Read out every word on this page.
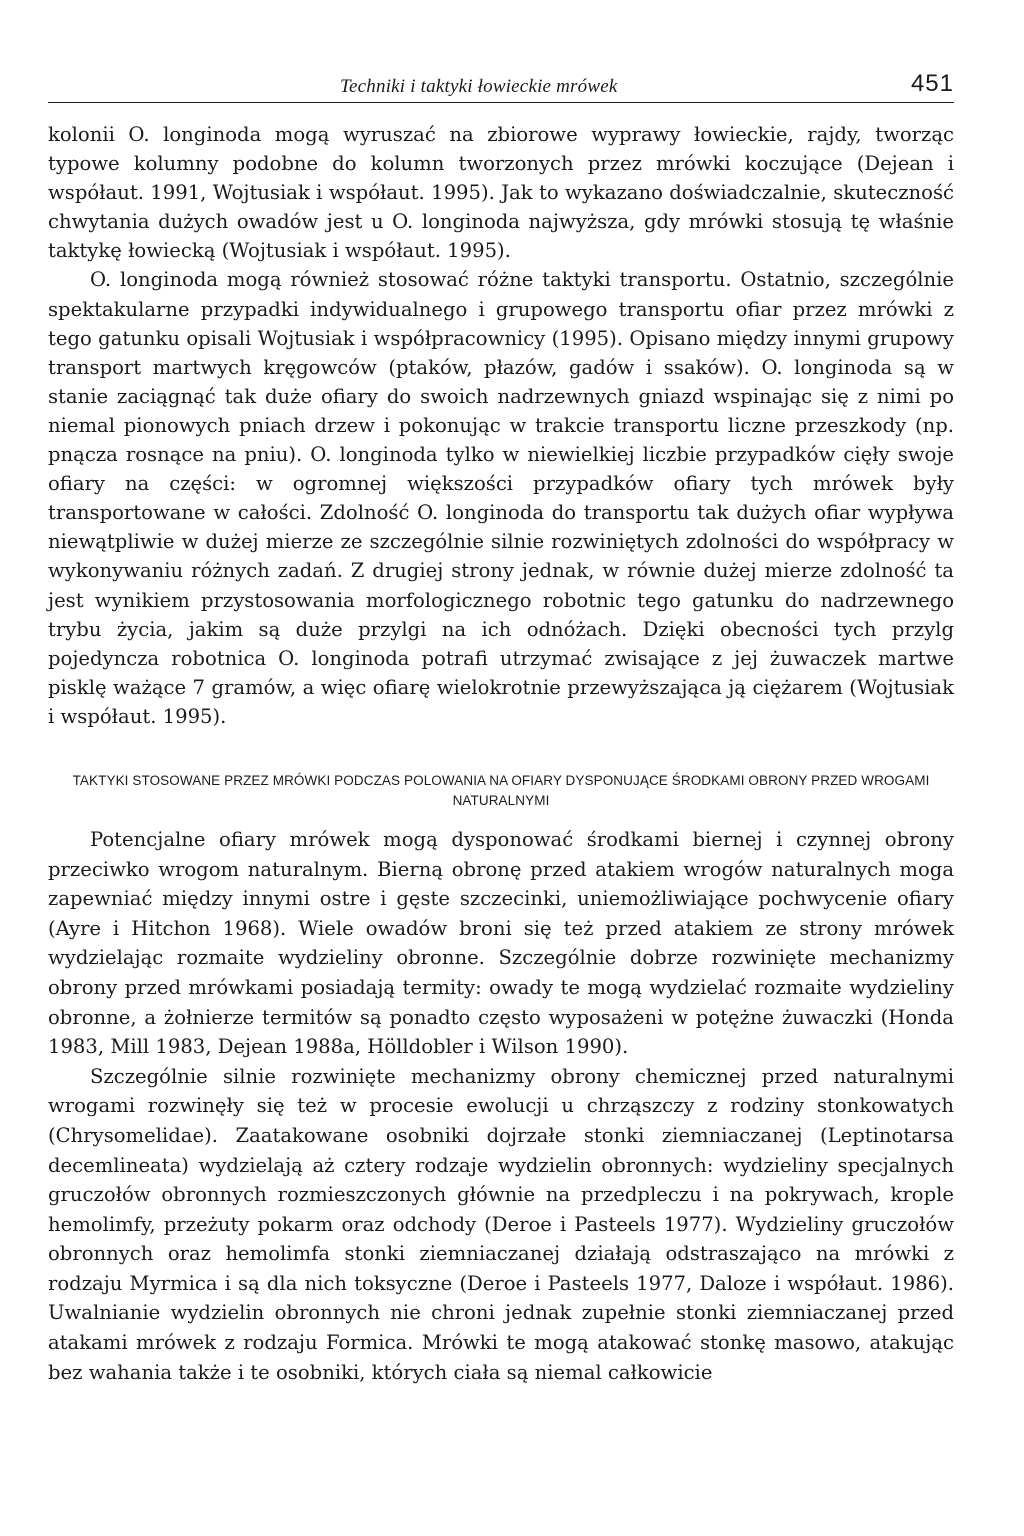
Techniki i taktyki łowieckie mrówek	451

kolonii O. longinoda mogą wyruszać na zbiorowe wyprawy łowieckie, rajdy, tworząc typowe kolumny podobne do kolumn tworzonych przez mrówki koczujące (Dejean i współaut. 1991, Wojtusiak i współaut. 1995). Jak to wykazano doświadczalnie, skuteczność chwytania dużych owadów jest u O. longinoda najwyższa, gdy mrówki stosują tę właśnie taktykę łowiecką (Wojtusiak i współaut. 1995).

O. longinoda mogą również stosować różne taktyki transportu. Ostatnio, szczególnie spektakularne przypadki indywidualnego i grupowego transportu ofiar przez mrówki z tego gatunku opisali Wojtusiak i współpracownicy (1995). Opisano między innymi grupowy transport martwych kręgowców (ptaków, płazów, gadów i ssaków). O. longinoda są w stanie zaciągnąć tak duże ofiary do swoich nadrzewnych gniazd wspinając się z nimi po niemal pionowych pniach drzew i pokonując w trakcie transportu liczne przeszkody (np. pnącza rosnące na pniu). O. longinoda tylko w niewielkiej liczbie przypadków cięły swoje ofiary na części: w ogromnej większości przypadków ofiary tych mrówek były transportowane w całości. Zdolność O. longinoda do transportu tak dużych ofiar wypływa niewątpliwie w dużej mierze ze szczególnie silnie rozwiniętych zdolności do współpracy w wykonywaniu różnych zadań. Z drugiej strony jednak, w równie dużej mierze zdolność ta jest wynikiem przystosowania morfologicznego robotnic tego gatunku do nadrzewnego trybu życia, jakim są duże przylgi na ich odnóżach. Dzięki obecności tych przylg pojedyncza robotnica O. longinoda potrafi utrzymać zwisające z jej żuwaczek martwe pisklę ważące 7 gramów, a więc ofiarę wielokrotnie przewyższająca ją ciężarem (Wojtusiak i współaut. 1995).

TAKTYKI STOSOWANE PRZEZ MRÓWKI PODCZAS POLOWANIA NA OFIARY DYSPONUJĄCE ŚRODKAMI OBRONY PRZED WROGAMI NATURALNYMI

Potencjalne ofiary mrówek mogą dysponować środkami biernej i czynnej obrony przeciwko wrogom naturalnym. Bierną obronę przed atakiem wrogów naturalnych moga zapewniać między innymi ostre i gęste szczecinki, uniemożliwiające pochwycenie ofiary (Ayre i Hitchon 1968). Wiele owadów broni się też przed atakiem ze strony mrówek wydzielając rozmaite wydzieliny obronne. Szczególnie dobrze rozwinięte mechanizmy obrony przed mrówkami posiadają termity: owady te mogą wydzielać rozmaite wydzieliny obronne, a żołnierze termitów są ponadto często wyposażeni w potężne żuwaczki (Honda 1983, Mill 1983, Dejean 1988a, Hölldobler i Wilson 1990).

Szczególnie silnie rozwinięte mechanizmy obrony chemicznej przed naturalnymi wrogami rozwinęły się też w procesie ewolucji u chrząszczy z rodziny stonkowatych (Chrysomelidae). Zaatakowane osobniki dojrzałe stonki ziemniaczanej (Leptinotarsa decemlineata) wydzielają aż cztery rodzaje wydzielin obronnych: wydzieliny specjalnych gruczołów obronnych rozmieszczonych głównie na przedpleczu i na pokrywach, krople hemolimfy, przeżuty pokarm oraz odchody (Deroe i Pasteels 1977). Wydzieliny gruczołów obronnych oraz hemolimfa stonki ziemniaczanej działają odstraszająco na mrówki z rodzaju Myrmica i są dla nich toksyczne (Deroe i Pasteels 1977, Daloze i współaut. 1986). Uwalnianie wydzielin obronnych nie chroni jednak zupełnie stonki ziemniaczanej przed atakami mrówek z rodzaju Formica. Mrówki te mogą atakować stonkę masowo, atakując bez wahania także i te osobniki, których ciała są niemal całkowicie
